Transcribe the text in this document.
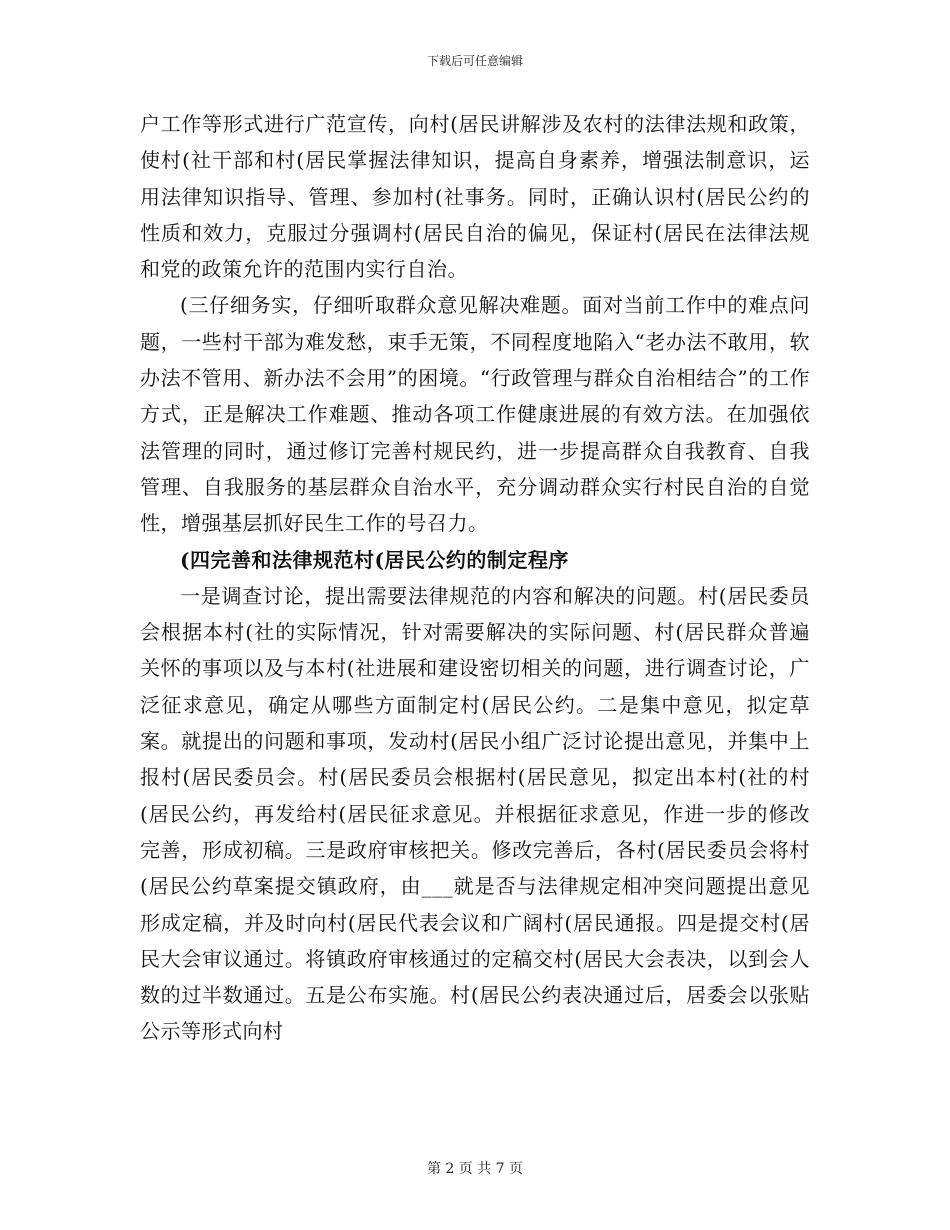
下载后可任意编辑

户工作等形式进行广范宣传，向村(居民讲解涉及农村的法律法规和政策，使村(社干部和村(居民掌握法律知识，提高自身素养，增强法制意识，运用法律知识指导、管理、参加村(社事务。同时，正确认识村(居民公约的性质和效力，克服过分强调村(居民自治的偏见，保证村(居民在法律法规和党的政策允许的范围内实行自治。

(三仔细务实，仔细听取群众意见解决难题。面对当前工作中的难点问题，一些村干部为难发愁，束手无策，不同程度地陷入“老办法不敢用，软办法不管用、新办法不会用”的困境。“行政管理与群众自治相结合”的工作方式，正是解决工作难题、推动各项工作健康进展的有效方法。在加强依法管理的同时，通过修订完善村规民约，进一步提高群众自我教育、自我管理、自我服务的基层群众自治水平，充分调动群众实行村民自治的自觉性，增强基层抓好民生工作的号召力。

(四完善和法律规范村(居民公约的制定程序

一是调查讨论，提出需要法律规范的内容和解决的问题。村(居民委员会根据本村(社的实际情况，针对需要解决的实际问题、村(居民群众普遍关怀的事项以及与本村(社进展和建设密切相关的问题，进行调查讨论，广泛征求意见，确定从哪些方面制定村(居民公约。二是集中意见，拟定草案。就提出的问题和事项，发动村(居民小组广泛讨论提出意见，并集中上报村(居民委员会。村(居民委员会根据村(居民意见，拟定出本村(社的村(居民公约，再发给村(居民征求意见。并根据征求意见，作进一步的修改完善，形成初稿。三是政府审核把关。修改完善后，各村(居民委员会将村(居民公约草案提交镇政府，由___就是否与法律规定相冲突问题提出意见形成定稿，并及时向村(居民代表会议和广阔村(居民通报。四是提交村(居民大会审议通过。将镇政府审核通过的定稿交村(居民大会表决，以到会人数的过半数通过。五是公布实施。村(居民公约表决通过后，居委会以张贴公示等形式向村

第 2 页 共 7 页
